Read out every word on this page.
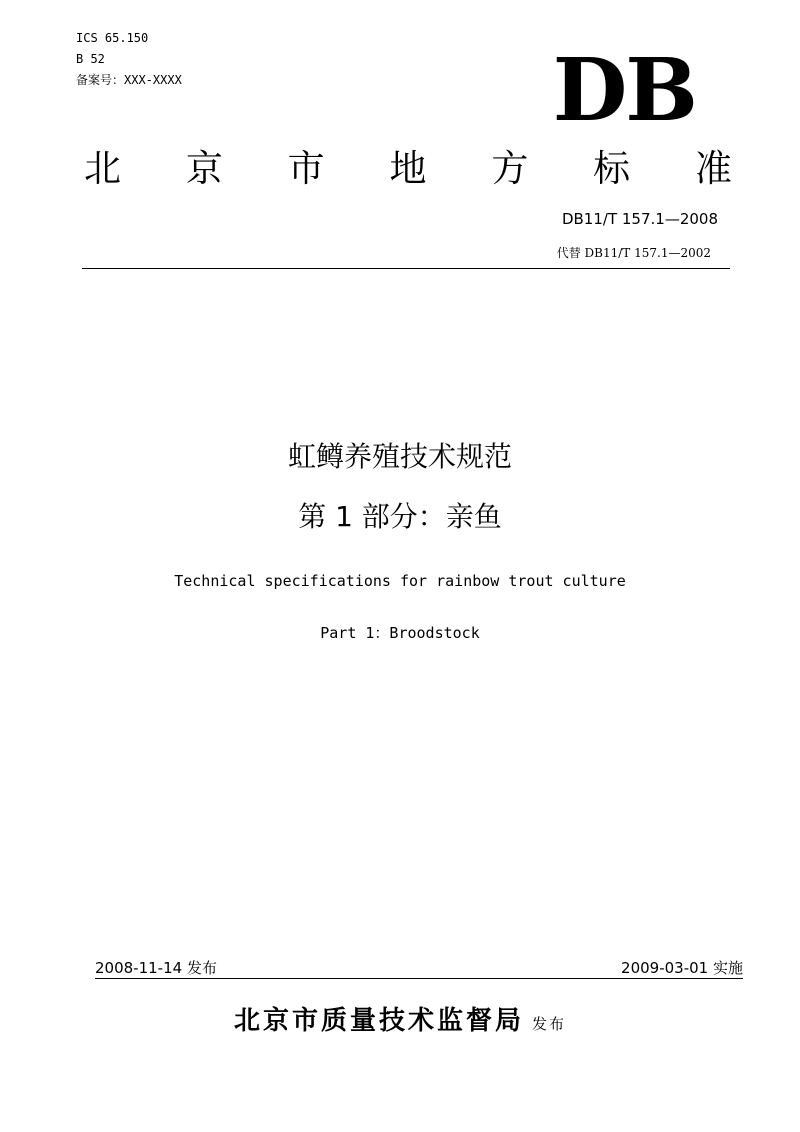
ICS 65.150
B 52
备案号：XXX-XXXX	DB
北 京 市 地 方 标 准
DB11/T 157.1—2008
代替 DB11/T 157.1—2002
虹鳟养殖技术规范
第 1 部分：亲鱼
Technical specifications for rainbow trout culture
Part 1：Broodstock
2008-11-14 发布	2009-03-01 实施
北京市质量技术监督局 发布
